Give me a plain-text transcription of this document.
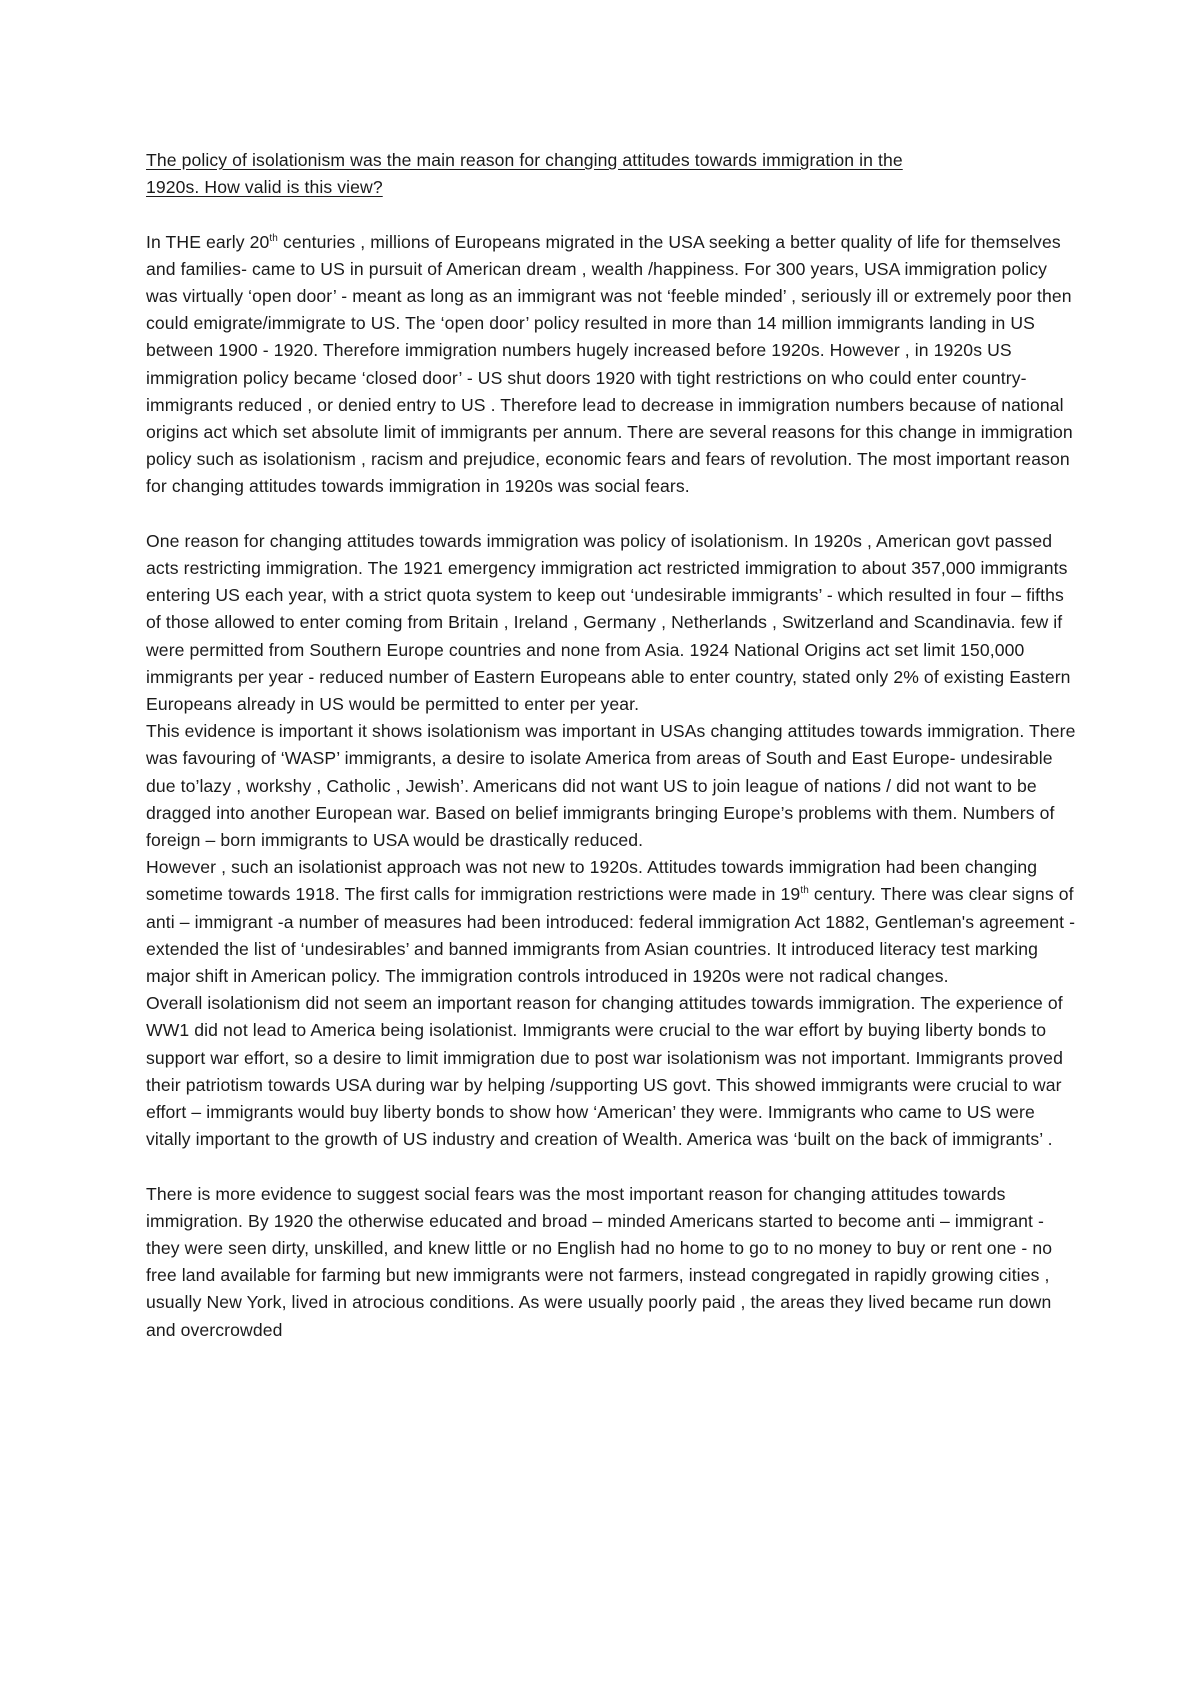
The policy of isolationism was the main reason for changing attitudes towards immigration in the
1920s. How valid is this view?

In THE early 20th centuries , millions of Europeans migrated in the USA seeking a better quality of life for themselves and families- came to US in pursuit of American dream , wealth /happiness. For 300 years, USA immigration policy was virtually ‘open door’ - meant as long as an immigrant was not ‘feeble minded’ , seriously ill or extremely poor then could emigrate/immigrate to US. The ‘open door’ policy resulted in more than 14 million immigrants landing in US between 1900 - 1920. Therefore immigration numbers hugely increased before 1920s. However , in 1920s US immigration policy became ‘closed door’ - US shut doors 1920 with tight restrictions on who could enter country- immigrants reduced , or denied entry to US . Therefore lead to decrease in immigration numbers because of national origins act which set absolute limit of immigrants per annum. There are several reasons for this change in immigration policy such as isolationism , racism and prejudice, economic fears and fears of revolution. The most important reason for changing attitudes towards immigration in 1920s was social fears.

One reason for changing attitudes towards immigration was policy of isolationism. In 1920s , American govt passed acts restricting immigration. The 1921 emergency immigration act restricted immigration to about 357,000 immigrants entering US each year, with a strict quota system to keep out ‘undesirable immigrants’ - which resulted in four – fifths of those allowed to enter coming from Britain , Ireland , Germany , Netherlands , Switzerland and Scandinavia. few if were permitted from Southern Europe countries and none from Asia. 1924 National Origins act set limit 150,000 immigrants per year - reduced number of Eastern Europeans able to enter country, stated only 2% of existing Eastern Europeans already in US would be permitted to enter per year.

This evidence is important it shows isolationism was important in USAs changing attitudes towards immigration. There was favouring of ‘WASP’ immigrants, a desire to isolate America from areas of South and East Europe- undesirable due to’lazy , workshy , Catholic , Jewish’. Americans did not want US to join league of nations / did not want to be dragged into another European war. Based on belief immigrants bringing Europe’s problems with them. Numbers of foreign – born immigrants to USA would be drastically reduced.

However , such an isolationist approach was not new to 1920s. Attitudes towards immigration had been changing sometime towards 1918. The first calls for immigration restrictions were made in 19th century. There was clear signs of anti – immigrant -a number of measures had been introduced: federal immigration Act 1882, Gentleman's agreement -extended the list of ‘undesirables’ and banned immigrants from Asian countries. It introduced literacy test marking major shift in American policy. The immigration controls introduced in 1920s were not radical changes.

Overall isolationism did not seem an important reason for changing attitudes towards immigration. The experience of WW1 did not lead to America being isolationist. Immigrants were crucial to the war effort by buying liberty bonds to support war effort, so a desire to limit immigration due to post war isolationism was not important. Immigrants proved their patriotism towards USA during war by helping /supporting US govt. This showed immigrants were crucial to war effort – immigrants would buy liberty bonds to show how ‘American’ they were. Immigrants who came to US were vitally important to the growth of US industry and creation of Wealth. America was ‘built on the back of immigrants’ .

There is more evidence to suggest social fears was the most important reason for changing attitudes towards immigration. By 1920 the otherwise educated and broad – minded Americans started to become anti – immigrant - they were seen dirty, unskilled, and knew little or no English had no home to go to no money to buy or rent one - no free land available for farming but new immigrants were not farmers, instead congregated in rapidly growing cities , usually New York, lived in atrocious conditions. As were usually poorly paid , the areas they lived became run down and overcrowded
